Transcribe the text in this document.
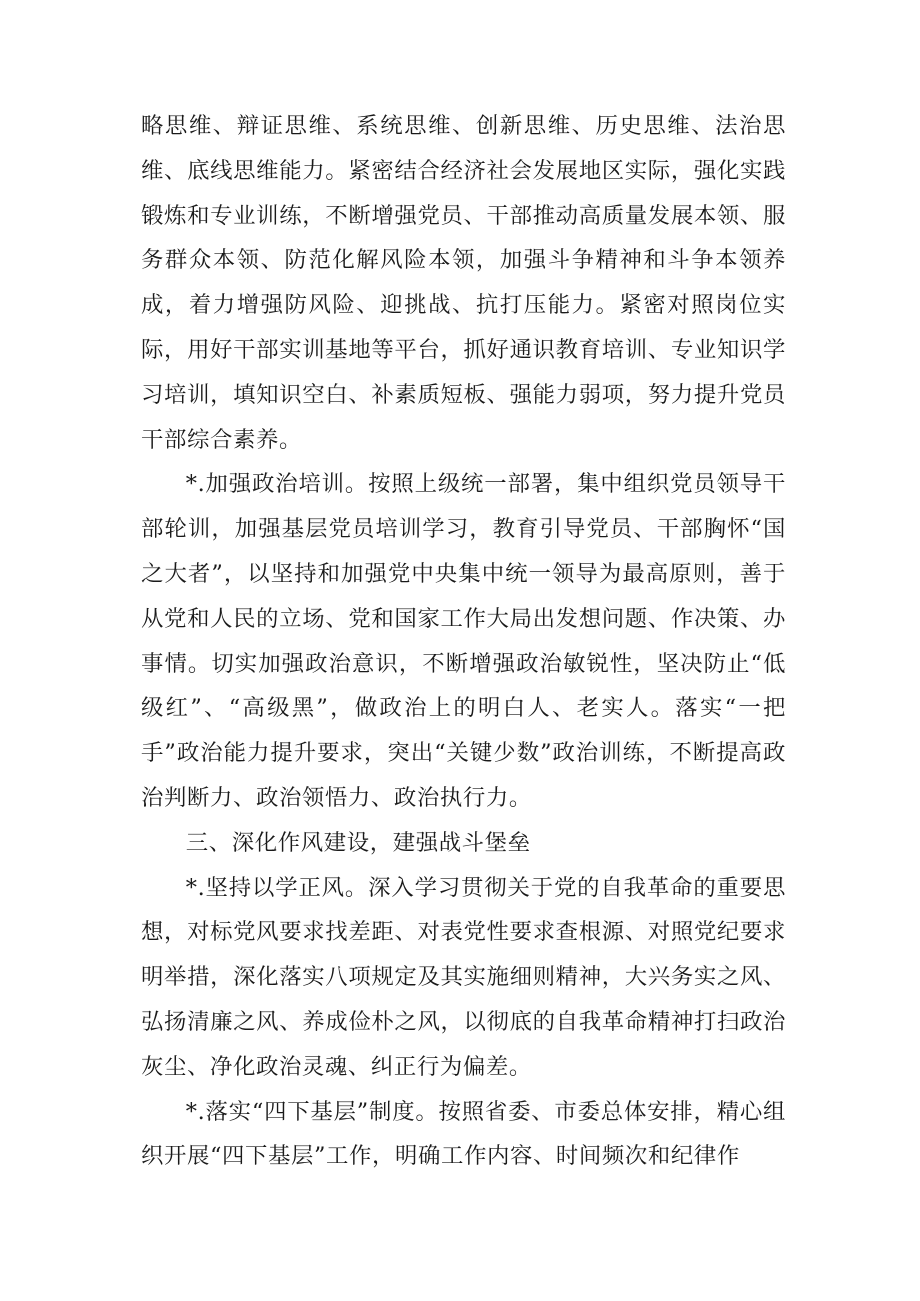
略思维、辩证思维、系统思维、创新思维、历史思维、法治思维、底线思维能力。紧密结合经济社会发展地区实际，强化实践锻炼和专业训练，不断增强党员、干部推动高质量发展本领、服务群众本领、防范化解风险本领，加强斗争精神和斗争本领养成，着力增强防风险、迎挑战、抗打压能力。紧密对照岗位实际，用好干部实训基地等平台，抓好通识教育培训、专业知识学习培训，填知识空白、补素质短板、强能力弱项，努力提升党员干部综合素养。

*.加强政治培训。按照上级统一部署，集中组织党员领导干部轮训，加强基层党员培训学习，教育引导党员、干部胸怀“国之大者”，以坚持和加强党中央集中统一领导为最高原则，善于从党和人民的立场、党和国家工作大局出发想问题、作决策、办事情。切实加强政治意识，不断增强政治敏锐性，坚决防止“低级红”、“高级黑”，做政治上的明白人、老实人。落实“一把手”政治能力提升要求，突出“关键少数”政治训练，不断提高政治判断力、政治领悟力、政治执行力。

三、深化作风建设，建强战斗堡垒

*.坚持以学正风。深入学习贯彻关于党的自我革命的重要思想，对标党风要求找差距、对表党性要求查根源、对照党纪要求明举措，深化落实八项规定及其实施细则精神，大兴务实之风、弘扬清廉之风、养成俭朴之风，以彻底的自我革命精神打扫政治灰尘、净化政治灵魂、纠正行为偏差。

*.落实“四下基层”制度。按照省委、市委总体安排，精心组织开展“四下基层”工作，明确工作内容、时间频次和纪律作
